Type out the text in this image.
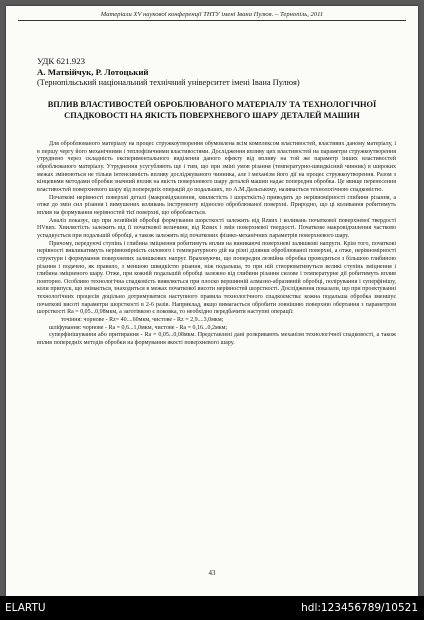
Матеріали XV наукової конференції ТНТУ імені Івана Пулюя. – Тернопіль, 2011
УДК 621.923
А. Матвійчук, Р. Лотоцький
(Тернопільський національний технічний університет імені Івана Пулюя)
ВПЛИВ ВЛАСТИВОСТЕЙ ОБРОБЛЮВАНОГО МАТЕРІАЛУ ТА ТЕХНОЛОГІЧНОЇ СПАДКОВОСТІ НА ЯКІСТЬ ПОВЕРХНЕВОГО ШАРУ ДЕТАЛЕЙ МАШИН

Для оброблюваного матеріалу на процес стружкоутворення обумовлена всім комплексом властивостей, властивих даному матеріалу, і в першу чергу його механічними і теплофізичними властивостями. Дослідження впливу цих властивостей на параметри стружкоутворення утруднено через складність експериментального виділення даного ефекту від впливу на той же параметр інших властивостей оброблюваного матеріалу. Утруднення усугубляють ще і тим, що при зміні умов різання (температурно-швидкісний чинник) в широких межах змінюються не тільки інтенсивність впливу досліджуваного чинника, але і механізм його дії на процес стружкоутворення. Разом з кінцевими методами обробки значний вплив на якість поверхневого шару деталей машин надає попередня обробка. Це явище перенесення властивостей поверхневого шару від попередніх операцій до подальших, по А.М.Дальському, називається технологічною спадковістю.

Початкові нерівності поверхні деталі (макровідхилення, хвилястість і шорсткість) приводять до нерівномірності глибини різання, а отже до змін сил різання і вимушених коливань інструменту відносно оброблюваної поверхні. Природно, що ці коливання робитимуть вплив на формування нерівностей тієї поверхні, що обробляється.

Аналіз показує, що при лезвійній обробці формування шорсткості залежить від Rzвих і коливань початкової поверхневої твердості HVвих. Хвилястість залежить від її початкової величини, від Rzвих і змін поверхневої твердості. Початкове макровідхилення частково успадкується при подальшій обробці, а також залежить від початкових фізико-механічних параметрів поверхневого шару.

Причому, передуючі ступінь і глибина зміцнення робитимуть вплив на виникаючі поверхневі залишкові напруги. Крім того, початкові нерівності викликатимуть нерівномірність силового і температурного дій на різні ділянки оброблюваної поверхні, а отже, нерівномірності структури і формування поверхневих залишкових напруг. Враховуючи, що попередня лезвійна обробка проводиться з більшою глибиною різання і подачею, як правило, з меншою швидкістю різання, ніж подальша, то при ній створюватимуться великі ступінь зміцнення і глибина зміцненого шару. Отже, при кожній подальшій обробці залежно від глибини різання силове і температурне дії робитимуть вплив повторно. Особливо технологічна спадковість виявляється при плоско вершинній алмазно-абразивній обробці, полірування і суперфінішу, коли припуск, що знімається, знаходиться в межах початкової висоти нерівностей шорсткості. Дослідження показали, що при проектуванні технологічних процесів доцільно дотримуватися наступного правила технологічного спадкоємства: кожна подальша обробка зменшує початкові висоті параметри шорсткості в 2-6 разів. Наприклад, якщо вимагається обробити зовнішню поверхню обертання з параметром шорсткості Ra = 0,05...0,08мкм, а заготівкою є поковка, то необхідно передбачити наступні операції:

точіння: чорнове - Rz= 40....60мкм, чистове - Rz = 2,9....3,0мкм;

шліфування: чорнове - Ra = 0,6...1,0мкм, чистове - Ra = 0,16...0,2мкм;

суперфінішування або притирання - Ra = 0,05...0,08мкм. Представлені дані розкривають механізм технологічної спадковості, а також вплив попередніх методів обробки на формування якості поверхневого шару.

43
ELARTU	hdl:123456789/10521
